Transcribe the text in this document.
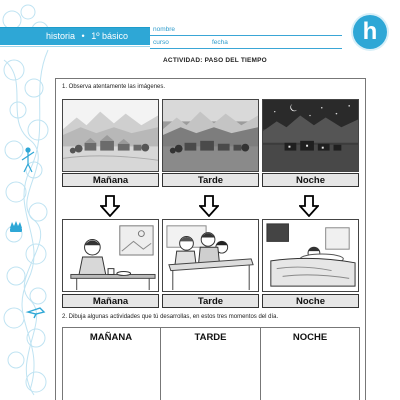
historia • 1º básico
nombre
curso	fecha	h
ACTIVIDAD: PASO DEL TIEMPO
1. Observa atentamente las imágenes.
Mañana	Tarde	Noche
Mañana	Tarde	Noche
2. Dibuja algunas actividades que tú desarrollas, en estos tres momentos del día.
MAÑANA	TARDE	NOCHE
